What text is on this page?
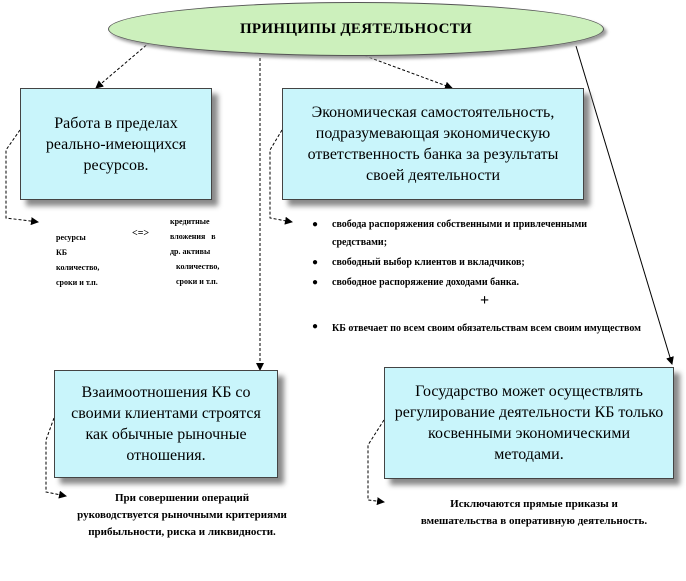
ПРИНЦИПЫ ДЕЯТЕЛЬНОСТИ
Работа в пределах реально-имеющихся ресурсов.
Экономическая самостоятельность, подразумевающая экономическую ответственность банка за результаты своей деятельности
Взаимоотношения КБ со своими клиентами строятся как обычные рыночные отношения.
Государство может осуществлять регулирование деятельности КБ только косвенными экономическими методами.
ресурсы
КБ
количество,
сроки и т.п.
<=>
кредитные
вложения   в
др. активы
количество,
сроки и т.п.
●	свобода распоряжения собственными и привлеченными средствами;
●	свободный выбор клиентов и вкладчиков;
●	свободное распоряжение доходами банка.
+
●	КБ отвечает по всем своим обязательствам всем своим имуществом
При совершении операций руководствуется рыночными критериями прибыльности, риска и ликвидности.
Исключаются прямые приказы и вмешательства в оперативную деятельность.
